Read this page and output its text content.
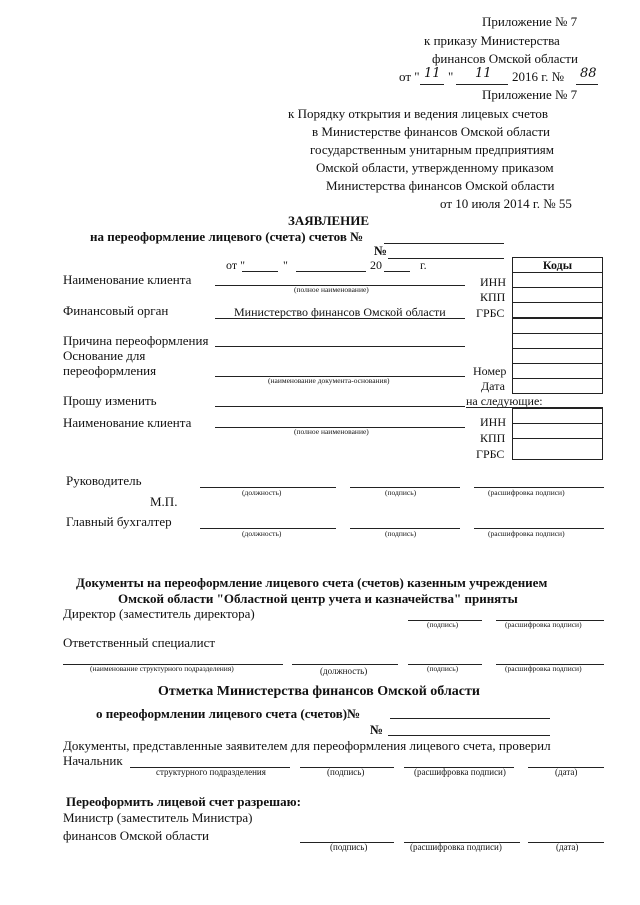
Приложение № 7
к приказу Министерства
финансов Омской области
от " 11 " 11 2016 г. № 88
Приложение № 7
к Порядку открытия и ведения лицевых счетов
в Министерстве финансов Омской области
государственным унитарным предприятиям
Омской области, утвержденному приказом
Министерства финансов Омской области
от 10 июля 2014 г. № 55
ЗАЯВЛЕНИЕ
на переоформление лицевого (счета) счетов №
№
от "	"	20	г.	Коды
Наименование клиента
(полное наименование)
ИНН
КПП
ГРБС
Финансовый орган	Министерство финансов Омской области
Причина переоформления
Основание для
переоформления
(наименование документа-основания)
Номер
Дата
Прошу изменить	на следующие:
Наименование клиента
(полное наименование)
ИНН
КПП
ГРБС
Руководитель
(должность)	(подпись)	(расшифровка подписи)
М.П.
Главный бухгалтер
(должность)	(подпись)	(расшифровка подписи)
Документы на переоформление лицевого счета (счетов) казенным учреждением
Омской области "Областной центр учета и казначейства" приняты
Директор (заместитель директора)
(подпись)	(расшифровка подписи)
Ответственный специалист
(наименование структурного подразделения)	(должность)	(подпись)	(расшифровка подписи)
Отметка Министерства финансов Омской области
о переоформлении лицевого счета (счетов)№
№
Документы, представленные заявителем для переоформления лицевого счета, проверил
Начальник
структурного подразделения	(подпись)	(расшифровка подписи)	(дата)
Переоформить лицевой счет разрешаю:
Министр (заместитель Министра)
финансов Омской области
(подпись)	(расшифровка подписи)	(дата)
